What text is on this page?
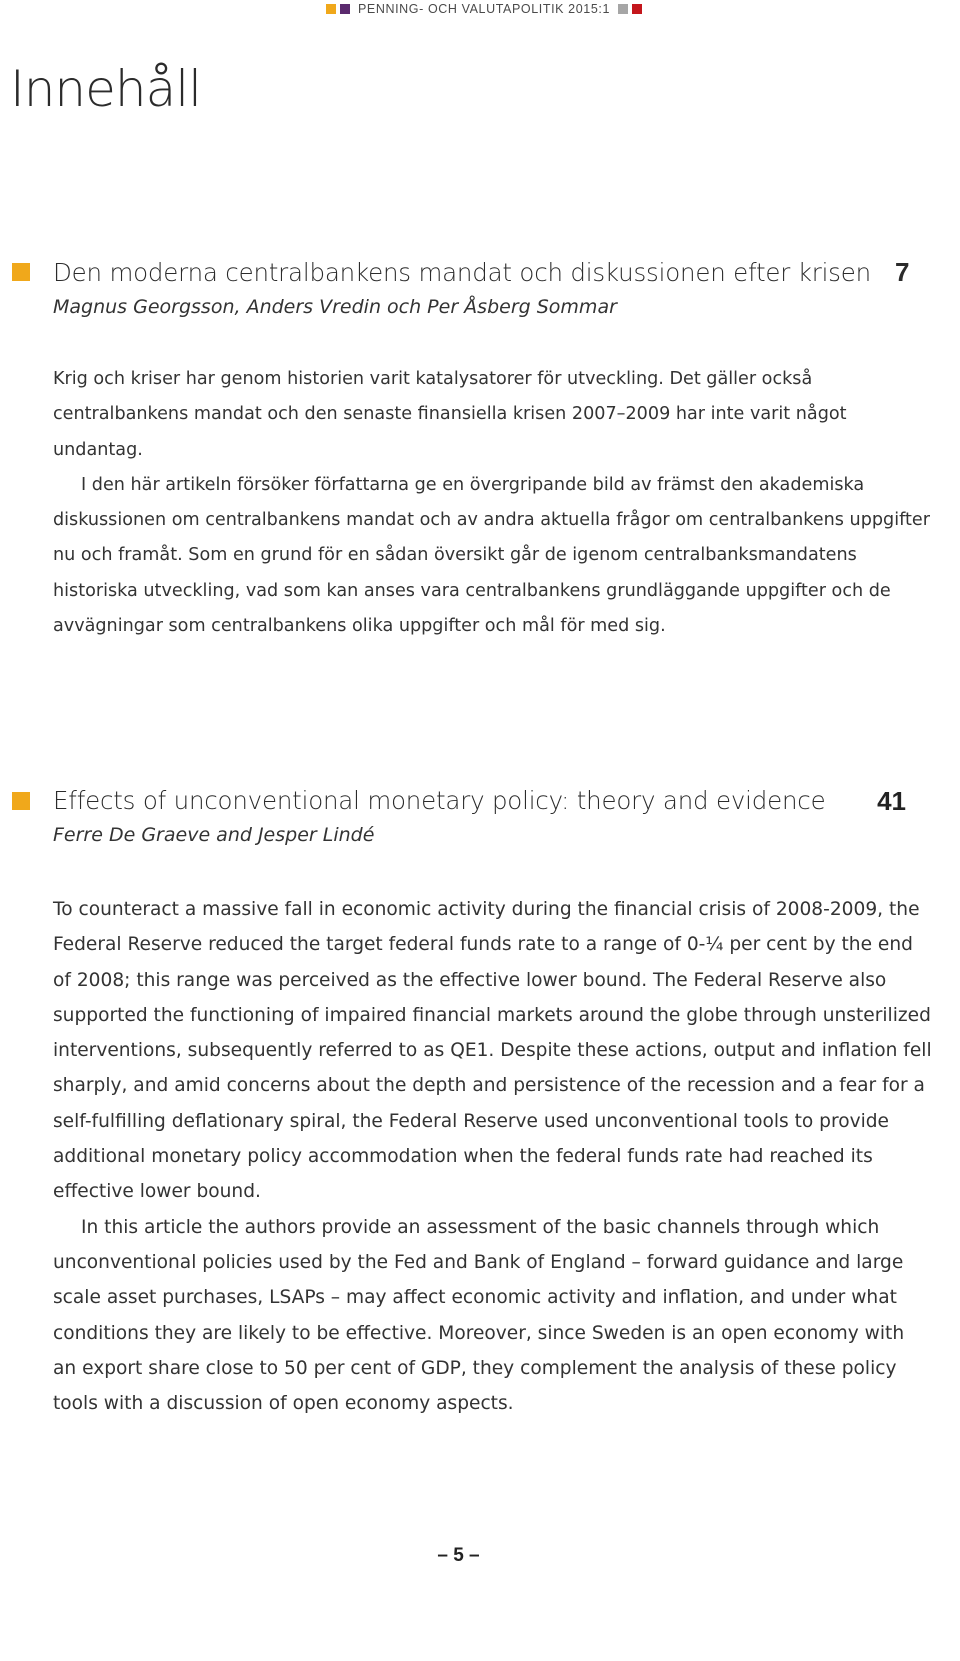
PENNING- OCH VALUTAPOLITIK 2015:1
Innehåll
Den moderna centralbankens mandat och diskussionen efter krisen 7
Magnus Georgsson, Anders Vredin och Per Åsberg Sommar

Krig och kriser har genom historien varit katalysatorer för utveckling. Det gäller också centralbankens mandat och den senaste finansiella krisen 2007–2009 har inte varit något undantag.

I den här artikeln försöker författarna ge en övergripande bild av främst den akademiska diskussionen om centralbankens mandat och av andra aktuella frågor om centralbankens uppgifter nu och framåt. Som en grund för en sådan översikt går de igenom centralbanksmandatens historiska utveckling, vad som kan anses vara centralbankens grundläggande uppgifter och de avvägningar som centralbankens olika uppgifter och mål för med sig.

Effects of unconventional monetary policy: theory and evidence	41
Ferre De Graeve and Jesper Lindé

To counteract a massive fall in economic activity during the financial crisis of 2008-2009, the Federal Reserve reduced the target federal funds rate to a range of 0-¼ per cent by the end of 2008; this range was perceived as the effective lower bound. The Federal Reserve also supported the functioning of impaired financial markets around the globe through unsterilized interventions, subsequently referred to as QE1. Despite these actions, output and inflation fell sharply, and amid concerns about the depth and persistence of the recession and a fear for a self-fulfilling deflationary spiral, the Federal Reserve used unconventional tools to provide additional monetary policy accommodation when the federal funds rate had reached its effective lower bound.

In this article the authors provide an assessment of the basic channels through which unconventional policies used by the Fed and Bank of England – forward guidance and large scale asset purchases, LSAPs – may affect economic activity and inflation, and under what conditions they are likely to be effective. Moreover, since Sweden is an open economy with an export share close to 50 per cent of GDP, they complement the analysis of these policy tools with a discussion of open economy aspects.

– 5 –
